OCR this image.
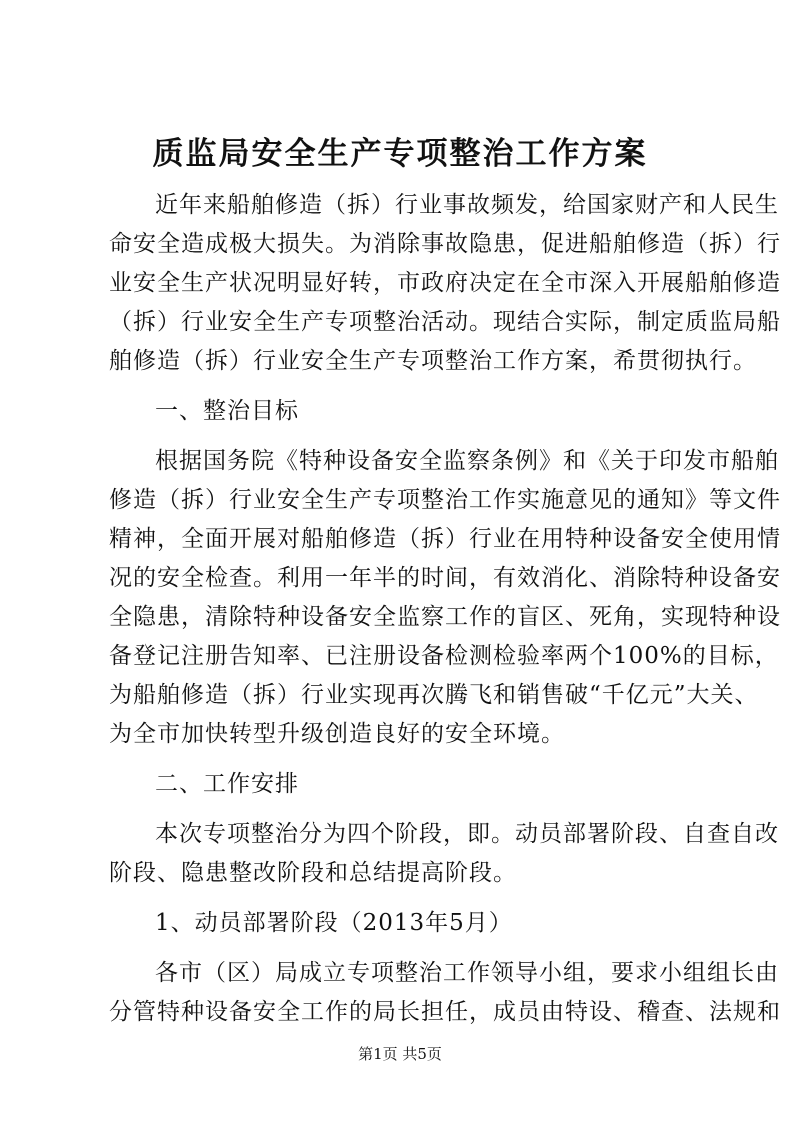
质监局安全生产专项整治工作方案
近年来船舶修造（拆）行业事故频发，给国家财产和人民生
命安全造成极大损失。为消除事故隐患，促进船舶修造（拆）行
业安全生产状况明显好转，市政府决定在全市深入开展船舶修造
（拆）行业安全生产专项整治活动。现结合实际，制定质监局船
舶修造（拆）行业安全生产专项整治工作方案，希贯彻执行。
一、整治目标
根据国务院《特种设备安全监察条例》和《关于印发市船舶
修造（拆）行业安全生产专项整治工作实施意见的通知》等文件
精神，全面开展对船舶修造（拆）行业在用特种设备安全使用情
况的安全检查。利用一年半的时间，有效消化、消除特种设备安
全隐患，清除特种设备安全监察工作的盲区、死角，实现特种设
备登记注册告知率、已注册设备检测检验率两个100%的目标，
为船舶修造（拆）行业实现再次腾飞和销售破“千亿元”大关、
为全市加快转型升级创造良好的安全环境。
二、工作安排
本次专项整治分为四个阶段，即。动员部署阶段、自查自改
阶段、隐患整改阶段和总结提高阶段。
1、动员部署阶段（2013年5月）
各市（区）局成立专项整治工作领导小组，要求小组组长由
分管特种设备安全工作的局长担任，成员由特设、稽查、法规和
第1页 共5页
